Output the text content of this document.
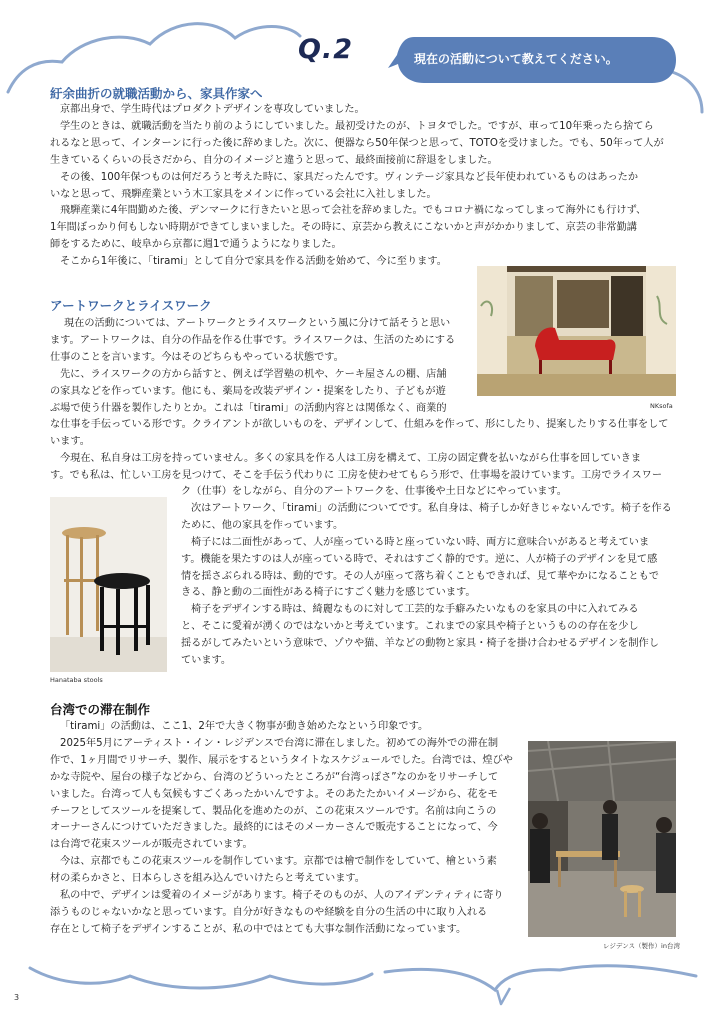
Q.2	現在の活動について教えてください。
紆余曲折の就職活動から、家具作家へ

京都出身で、学生時代はプロダクトデザインを専攻していました。

学生のときは、就職活動を当たり前のようにしていました。最初受けたのが、トヨタでした。ですが、車って10年乗ったら捨てら

れるなと思って、インターンに行った後に辞めました。次に、便器なら50年保つと思って、TOTOを受けました。でも、50年って人が

生きているくらいの長さだから、自分のイメージと違うと思って、最終面接前に辞退をしました。

その後、100年保つものは何だろうと考えた時に、家具だったんです。ヴィンテージ家具など長年使われているものはあったか

いなと思って、飛騨産業という木工家具をメインに作っている会社に入社しました。

飛騨産業に4年間勤めた後、デンマークに行きたいと思って会社を辞めました。でもコロナ禍になってしまって海外にも行けず、

1年間ぼっかり何もしない時期ができてしまいました。その時に、京芸から教えにこないかと声がかかりまして、京芸の非常勤講

師をするために、岐阜から京都に週1で通うようになりました。

そこから1年後に、「tirami」として自分で家具を作る活動を始めて、今に至ります。

NKsofa
アートワークとライスワーク

現在の活動については、アートワークとライスワークという風に分けて話そうと思い

ます。アートワークは、自分の作品を作る仕事です。ライスワークは、生活のためにする

仕事のことを言います。今はそのどちらもやっている状態です。

先に、ライスワークの方から話すと、例えば学習塾の机や、ケーキ屋さんの棚、店舗

の家具などを作っています。他にも、薬局を改装デザイン・提案をしたり、子どもが遊

ぶ場で使う什器を製作したりとか。これは「tirami」の活動内容とは関係なく、商業的

な仕事を手伝っている形です。クライアントが欲しいものを、デザインして、仕組みを作って、形にしたり、提案したりする仕事をして

います。

今現在、私自身は工房を持っていません。多くの家具を作る人は工房を構えて、工房の固定費を払いながら仕事を回していきま

す。でも私は、忙しい工房を見つけて、そこを手伝う代わりに 工房を使わせてもらう形で、仕事場を設けています。工房でライスワー

Hanataba stools

ク（仕事）をしながら、自分のアートワークを、仕事後や土日などにやっています。

次はアートワーク、「tirami」の活動についてです。私自身は、椅子しか好きじゃないんです。椅子を作る

ために、他の家具を作っています。

椅子には二面性があって、人が座っている時と座っていない時、両方に意味合いがあると考えていま

す。機能を果たすのは人が座っている時で、それはすごく静的です。逆に、人が椅子のデザインを見て感

情を揺さぶられる時は、動的です。その人が座って落ち着くこともできれば、見て華やかになることもで

きる、静と動の二面性がある椅子にすごく魅力を感じています。

椅子をデザインする時は、綺麗なものに対して工芸的な手癖みたいなものを家具の中に入れてみる

と、そこに愛着が湧くのではないかと考えています。これまでの家具や椅子というものの存在を少し

揺るがしてみたいという意味で、ゾウや猫、羊などの動物と家具・椅子を掛け合わせるデザインを制作し

ています。

台湾での滞在制作

「tirami」の活動は、ここ1、2年で大きく物事が動き始めたなという印象です。

2025年5月にアーティスト・イン・レジデンスで台湾に滞在しました。初めての海外での滞在制

作で、1ヶ月間でリサーチ、製作、展示をするというタイトなスケジュールでした。台湾では、煌びや

かな寺院や、屋台の様子などから、台湾のどういったところが“台湾っぽさ”なのかをリサーチして

いました。台湾って人も気候もすごくあったかいんですよ。そのあたたかいイメージから、花をモ

チーフとしてスツールを提案して、製品化を進めたのが、この花束スツールです。名前は向こうの

オーナーさんにつけていただきました。最終的にはそのメーカーさんで販売することになって、今

は台湾で花束スツールが販売されています。

今は、京都でもこの花束スツールを制作しています。京都では檜で制作をしていて、檜という素

材の柔らかさと、日本らしさを組み込んでいけたらと考えています。

私の中で、デザインは愛着のイメージがあります。椅子そのものが、人のアイデンティティに寄り

添うものじゃないかなと思っています。自分が好きなものや経験を自分の生活の中に取り入れる

存在として椅子をデザインすることが、私の中ではとても大事な制作活動になっています。

レジデンス（製作）in台湾
3
